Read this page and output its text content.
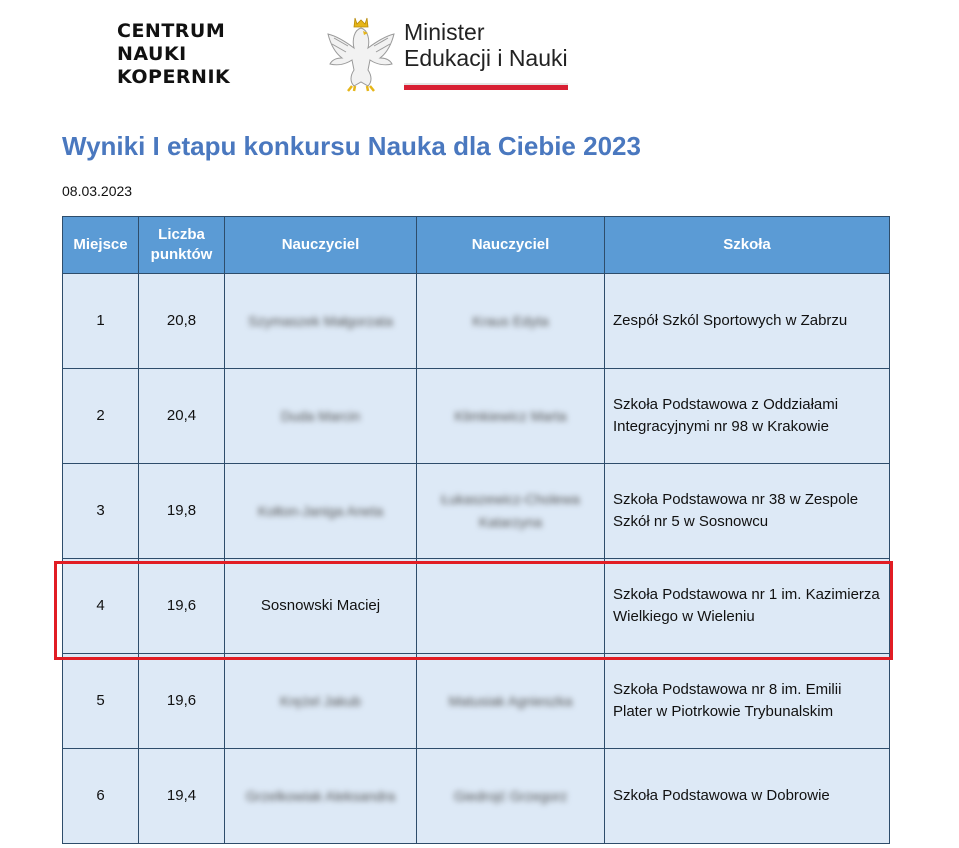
CENTRUM
NAUKI
KOPERNIK
Minister
Edukacji i Nauki
Wyniki I etapu konkursu Nauka dla Ciebie 2023
08.03.2023
Miejsce	Liczba punktów	Nauczyciel	Nauczyciel	Szkoła
1	20,8	Szymaszek Małgorzata	Kraus Edyta	Zespół Szkól Sportowych w Zabrzu
2	20,4	Duda Marcin	Klimkiewicz Marta	Szkoła Podstawowa z Oddziałami Integracyjnymi nr 98 w Krakowie
3	19,8	Kołton-Janiga Aneta	Łukaszewicz-Cholewa Katarzyna	Szkoła Podstawowa nr 38 w Zespole Szkół nr 5 w Sosnowcu
4	19,6	Sosnowski Maciej		Szkoła Podstawowa nr 1 im. Kazimierza Wielkiego w Wieleniu
5	19,6	Krężel Jakub	Matusiak Agnieszka	Szkoła Podstawowa nr 8 im. Emilii Plater w Piotrkowie Trybunalskim
6	19,4	Grzelkowiak Aleksandra	Giedrojć Grzegorz	Szkoła Podstawowa w Dobrowie
